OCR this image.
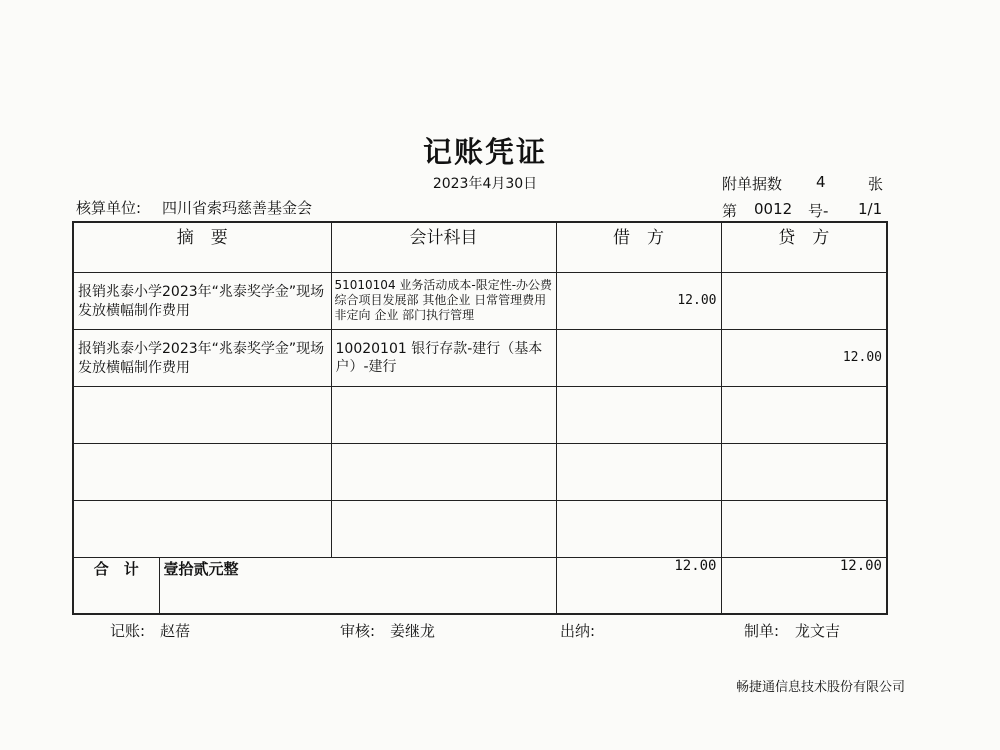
记账凭证
2023年4月30日	附单据数 4	张
核算单位: 四川省索玛慈善基金会	第 0012 号- 1/1
摘　要		会计科目	借　方	贷　方
报销兆泰小学2023年“兆泰奖学金”现场发放横幅制作费用		51010104 业务活动成本-限定性-办公费 综合项目发展部 其他企业 日常管理费用 非定向 企业 部门执行管理	12.00	
报销兆泰小学2023年“兆泰奖学金”现场发放横幅制作费用		10020101 银行存款-建行（基本户）-建行		12.00

合　计	壹拾贰元整		12.00	12.00
记账: 赵蓓	审核: 姜继龙	出纳:	制单: 龙文吉
畅捷通信息技术股份有限公司
